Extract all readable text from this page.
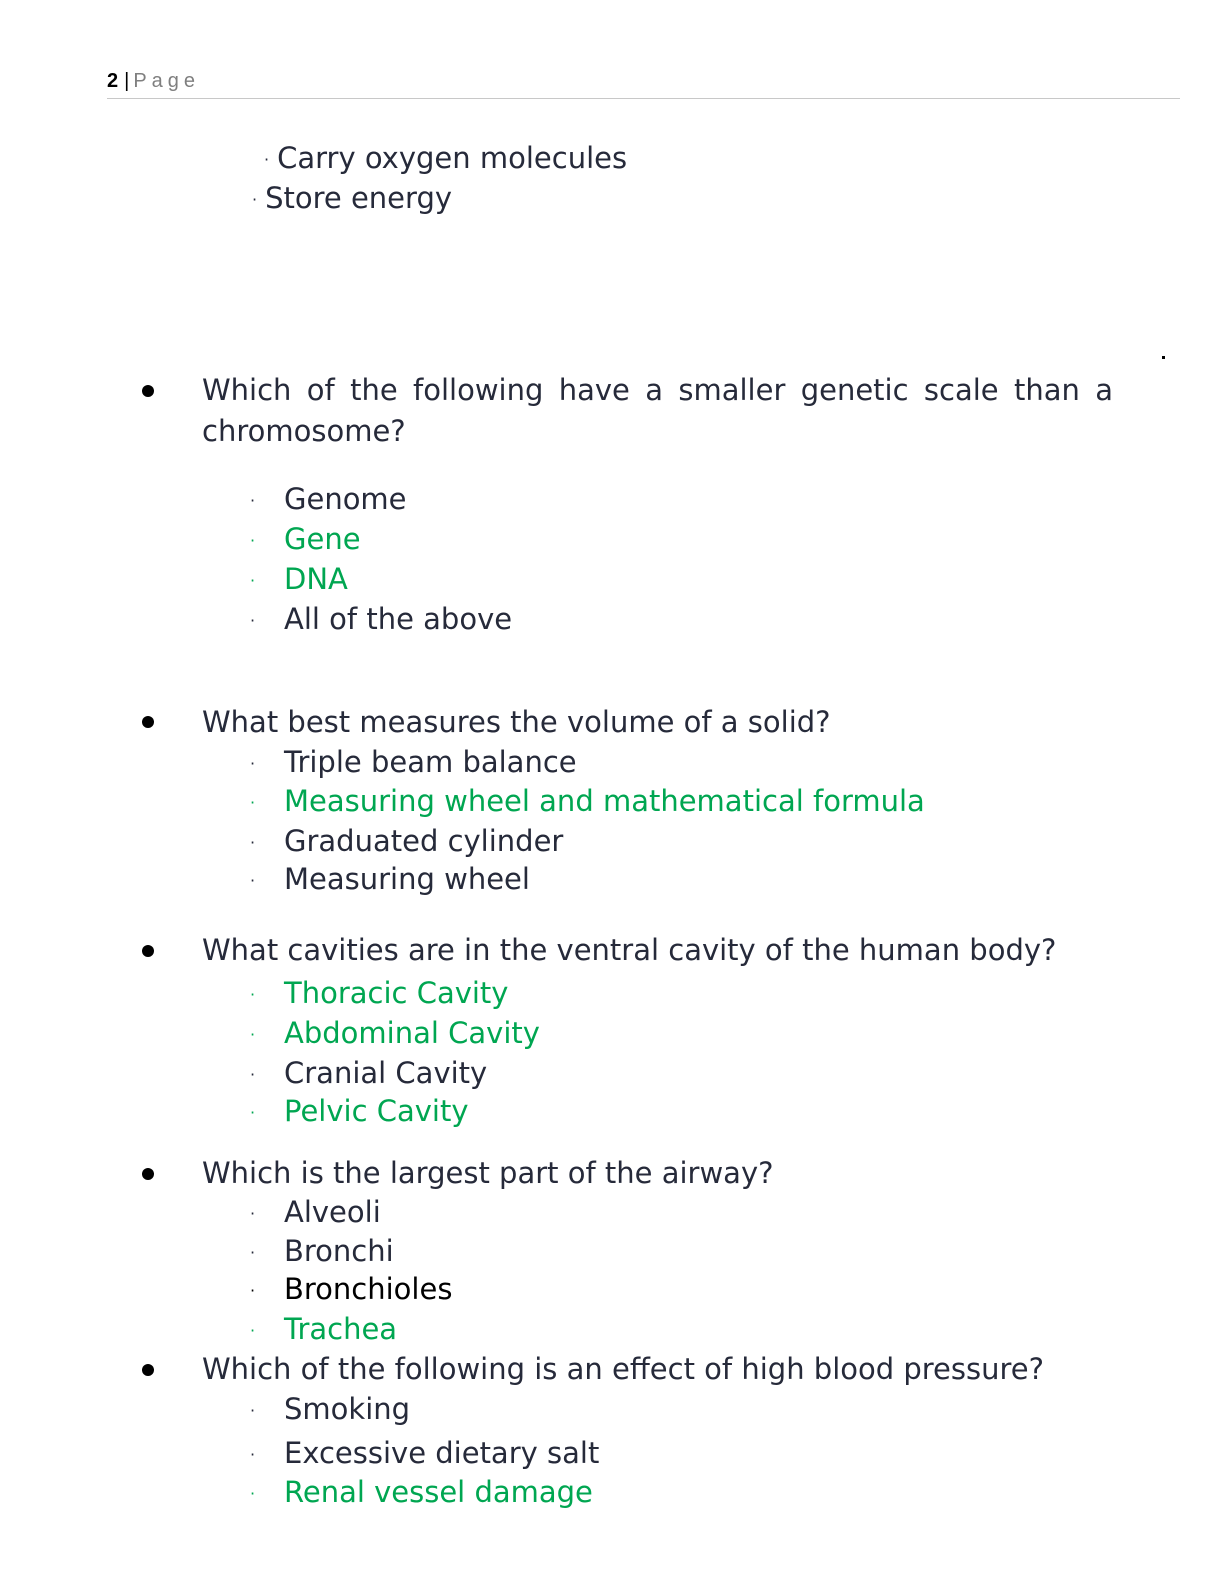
2 | Page
· Carry oxygen molecules
· Store energy
Which of the following have a smaller genetic scale than a chromosome?
· Genome
· Gene
· DNA
· All of the above
What best measures the volume of a solid?
· Triple beam balance
· Measuring wheel and mathematical formula
· Graduated cylinder
· Measuring wheel
What cavities are in the ventral cavity of the human body?
· Thoracic Cavity
· Abdominal Cavity
· Cranial Cavity
· Pelvic Cavity
Which is the largest part of the airway?
· Alveoli
· Bronchi
· Bronchioles
· Trachea
Which of the following is an effect of high blood pressure?
· Smoking
· Excessive dietary salt
· Renal vessel damage
